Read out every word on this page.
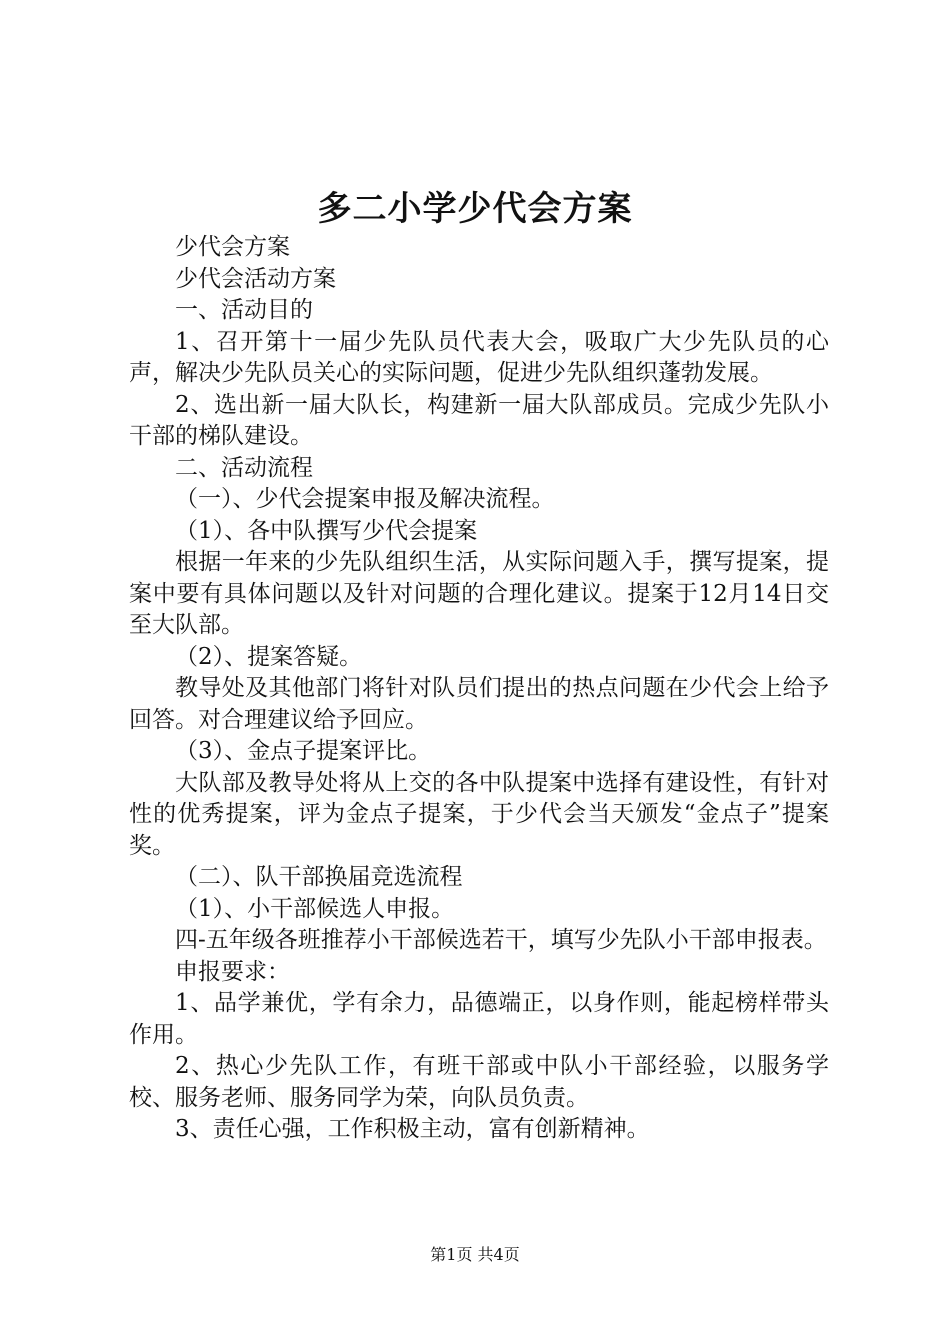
多二小学少代会方案

少代会方案

少代会活动方案

一、活动目的

1、召开第十一届少先队员代表大会，吸取广大少先队员的心声，解决少先队员关心的实际问题，促进少先队组织蓬勃发展。

2、选出新一届大队长，构建新一届大队部成员。完成少先队小干部的梯队建设。

二、活动流程

（一）、少代会提案申报及解决流程。

（1）、各中队撰写少代会提案

根据一年来的少先队组织生活，从实际问题入手，撰写提案，提案中要有具体问题以及针对问题的合理化建议。提案于12月14日交至大队部。

（2）、提案答疑。

教导处及其他部门将针对队员们提出的热点问题在少代会上给予回答。对合理建议给予回应。

（3）、金点子提案评比。

大队部及教导处将从上交的各中队提案中选择有建设性，有针对性的优秀提案，评为金点子提案，于少代会当天颁发“金点子”提案奖。

（二）、队干部换届竞选流程

（1）、小干部候选人申报。

四-五年级各班推荐小干部候选若干，填写少先队小干部申报表。

申报要求：

1、品学兼优，学有余力，品德端正，以身作则，能起榜样带头作用。

2、热心少先队工作，有班干部或中队小干部经验，以服务学校、服务老师、服务同学为荣，向队员负责。

3、责任心强，工作积极主动，富有创新精神。

第1页 共4页
